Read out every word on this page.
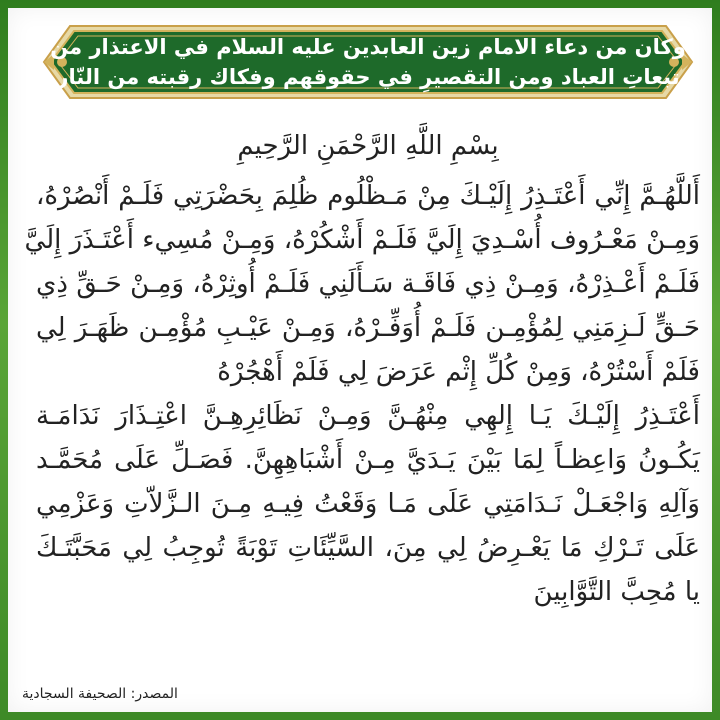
وكان من دعاء الامام زين العابدين عليه السلام في الاعتذار من
تبعاتِ العباد ومن التقصيرِ في حقوقهم وفكاك رقبته من النّار
بِسْمِ اللَّهِ الرَّحْمَنِ الرَّحِيمِ
أَللَّهُـمَّ إِنِّي أَعْتَـذِرُ إِلَيْـكَ مِنْ مَـظْلُوم ظُلِمَ بِحَضْرَتِي فَلَـمْ أَنْصُرْهُ،
وَمِـنْ مَعْـرُوف أُسْـدِيَ إِلَيَّ فَلَـمْ أَشْكُرْهُ، وَمِـنْ مُسِيء أَعْتَـذَرَ إِلَيَّ
فَلَـمْ أَعْـذِرْهُ، وَمِـنْ ذِي فَاقَـة سَـأَلَنِي فَلَـمْ أُوثِرْهُ، وَمِـنْ حَـقِّ ذِي
حَـقٍّ لَـزِمَنِي لِمُؤْمِـن فَلَـمْ أُوَفِّـرْهُ، وَمِـنْ عَيْـبِ مُؤْمِـن ظَهَـرَ لِي
فَلَمْ أَسْتُرْهُ، وَمِنْ كُلِّ إِثْم عَرَضَ لِي فَلَمْ أَهْجُرْهُ
أَعْتَـذِرُ إِلَيْـكَ يَـا إِلهِي مِنْهُـنَّ وَمِـنْ نَظَائِرِهِـنَّ اعْتِـذَارَ نَدَامَـة
يَكُـونُ وَاعِظـاً لِمَا بَيْنَ يَـدَيَّ مِـنْ أَشْبَاهِهِنَّ. فَصَـلِّ عَلَى مُحَمَّـد
وَآلِهِ وَاجْعَـلْ نَـدَامَتِي عَلَى مَـا وَقَعْتُ فِيـهِ مِـنَ الـزَّلاّتِ وَعَزْمِي
عَلَى تَـرْكِ مَا يَعْـرِضُ لِي مِنَ، السَّيِّئَاتِ تَوْبَةً تُوجِبُ لِي مَحَبَّتَـكَ
يا مُحِبَّ التَّوَّابِينَ
المصدر: الصحيفة السجادية
